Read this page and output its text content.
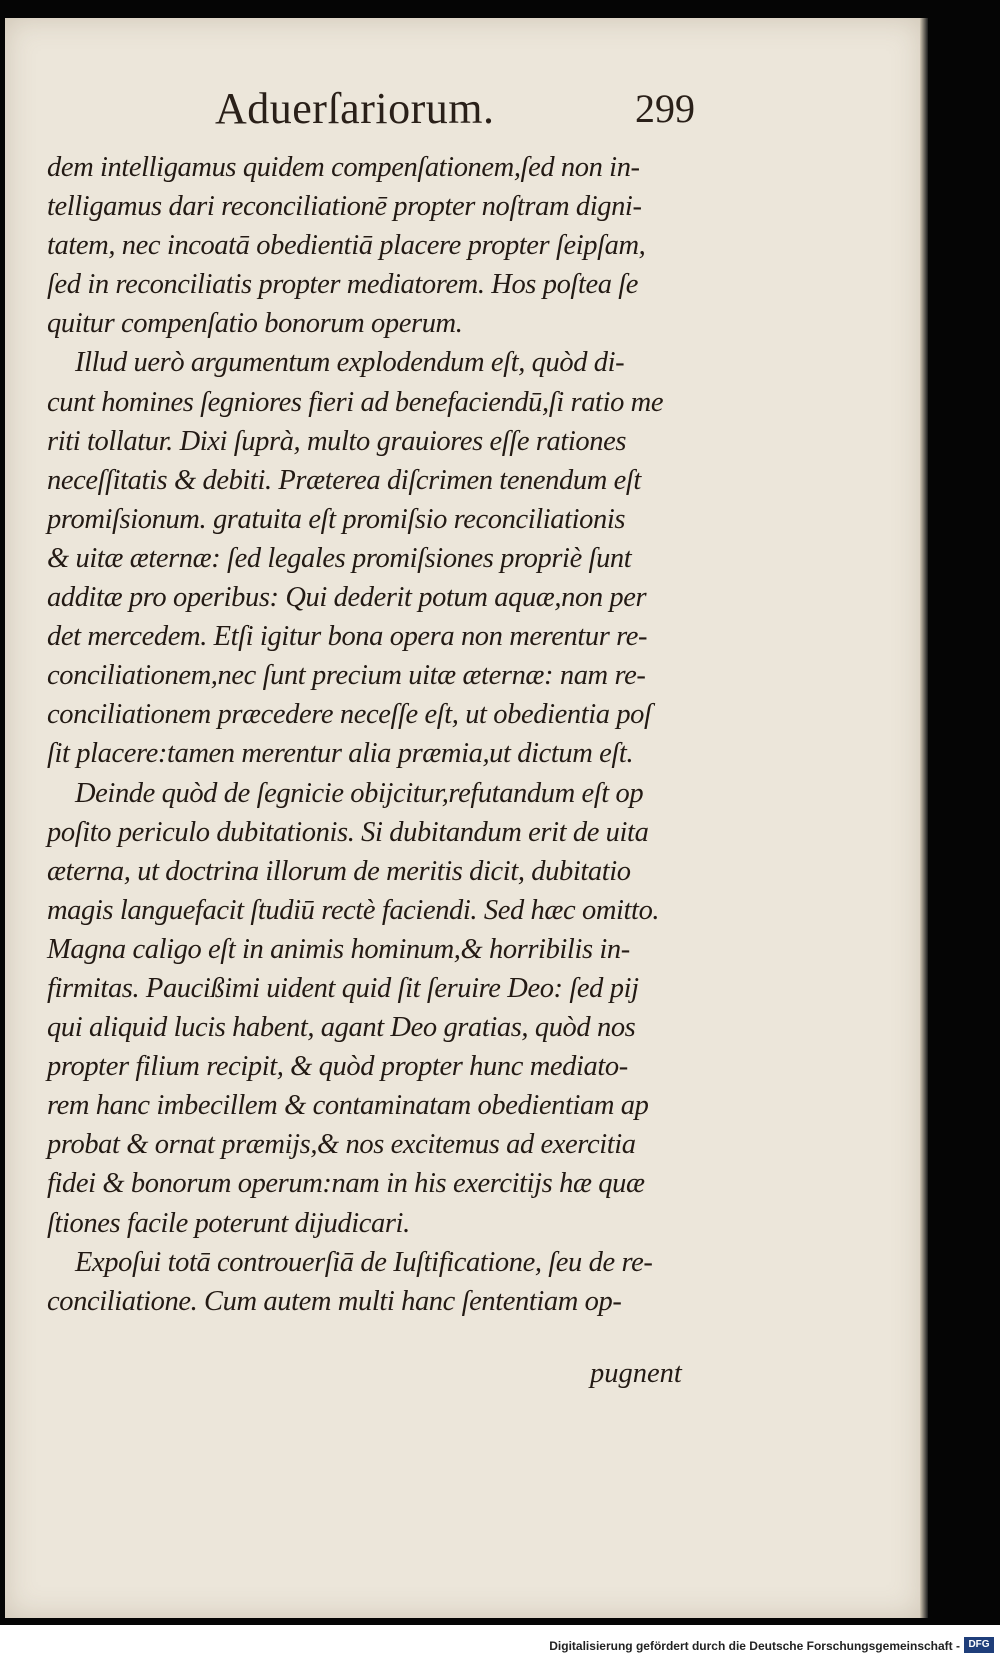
Aduerſariorum.	299
dem intelligamus quidem compenſationem,ſed non in-
telligamus dari reconciliationē propter noſtram digni-
tatem, nec incoatā obedientiā placere propter ſeipſam,
ſed in reconciliatis propter mediatorem. Hos poſtea ſe
quitur compenſatio bonorum operum.
Illud uerò argumentum explodendum eſt, quòd di-
cunt homines ſegniores fieri ad benefaciendū,ſi ratio me
riti tollatur. Dixi ſuprà, multo grauiores eſſe rationes
neceſſitatis & debiti. Præterea diſcrimen tenendum eſt
promiſsionum. gratuita eſt promiſsio reconciliationis
& uitæ æternæ: ſed legales promiſsiones propriè ſunt
additæ pro operibus: Qui dederit potum aquæ,non per
det mercedem. Etſi igitur bona opera non merentur re-
conciliationem,nec ſunt precium uitæ æternæ: nam re-
conciliationem præcedere neceſſe eſt, ut obedientia poſ
ſit placere:tamen merentur alia præmia,ut dictum eſt.
Deinde quòd de ſegnicie obijcitur,refutandum eſt op
poſito periculo dubitationis. Si dubitandum erit de uita
æterna, ut doctrina illorum de meritis dicit, dubitatio
magis languefacit ſtudiū rectè faciendi. Sed hæc omitto.
Magna caligo eſt in animis hominum,& horribilis in-
firmitas. Paucißimi uident quid ſit ſeruire Deo: ſed pij
qui aliquid lucis habent, agant Deo gratias, quòd nos
propter filium recipit, & quòd propter hunc mediato-
rem hanc imbecillem & contaminatam obedientiam ap
probat & ornat præmijs,& nos excitemus ad exercitia
fidei & bonorum operum:nam in his exercitijs hæ quæ
ſtiones facile poterunt dijudicari.
Expoſui totā controuerſiā de Iuſtificatione, ſeu de re-
conciliatione. Cum autem multi hanc ſententiam op-
pugnent
Digitalisierung gefördert durch die Deutsche Forschungsgemeinschaft - DFG
